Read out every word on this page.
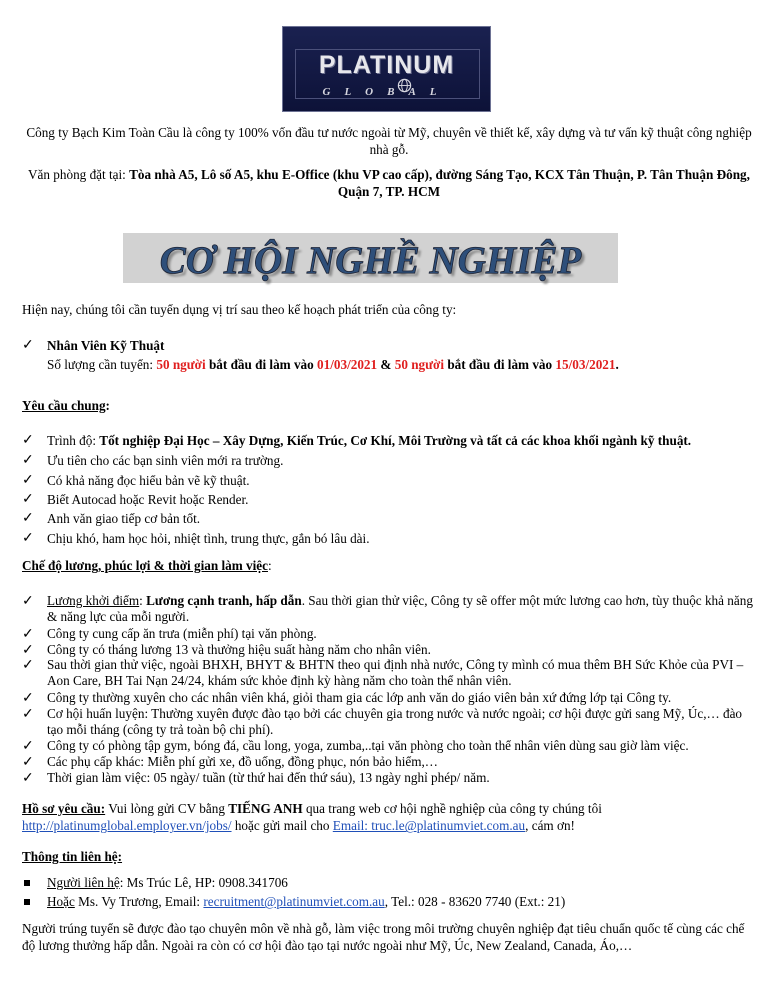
PLATINUM
GLOBAL

Công ty Bạch Kim Toàn Cầu là công ty 100% vốn đầu tư nước ngoài từ Mỹ, chuyên về thiết kế, xây dựng và tư vấn kỹ thuật công nghiệp nhà gỗ.

Văn phòng đặt tại: Tòa nhà A5, Lô số A5, khu E-Office (khu VP cao cấp), đường Sáng Tạo, KCX Tân Thuận, P. Tân Thuận Đông, Quận 7, TP. HCM

CƠ HỘI NGHỀ NGHIỆP

Hiện nay, chúng tôi cần tuyển dụng vị trí sau theo kế hoạch phát triển của công ty:

✓ Nhân Viên Kỹ Thuật

Số lượng cần tuyển: 50 người bắt đầu đi làm vào 01/03/2021 & 50 người bắt đầu đi làm vào 15/03/2021.

Yêu cầu chung:

✓ Trình độ: Tốt nghiệp Đại Học – Xây Dựng, Kiến Trúc, Cơ Khí, Môi Trường và tất cả các khoa khối ngành kỹ thuật.

✓ Ưu tiên cho các bạn sinh viên mới ra trường.

✓ Có khả năng đọc hiểu bản vẽ kỹ thuật.

✓ Biết Autocad hoặc Revit hoặc Render.

✓ Anh văn giao tiếp cơ bản tốt.

✓ Chịu khó, ham học hỏi, nhiệt tình, trung thực, gắn bó lâu dài.

Chế độ lương, phúc lợi & thời gian làm việc:

✓ Lương khởi điểm: Lương cạnh tranh, hấp dẫn. Sau thời gian thử việc, Công ty sẽ offer một mức lương cao hơn, tùy thuộc khả năng & năng lực của mỗi người.

✓ Công ty cung cấp ăn trưa (miễn phí) tại văn phòng.

✓ Công ty có tháng lương 13 và thưởng hiệu suất hàng năm cho nhân viên.

✓ Sau thời gian thử việc, ngoài BHXH, BHYT & BHTN theo qui định nhà nước, Công ty mình có mua thêm BH Sức Khỏe của PVI – Aon Care, BH Tai Nạn 24/24, khám sức khỏe định kỳ hàng năm cho toàn thể nhân viên.

✓ Công ty thường xuyên cho các nhân viên khá, giỏi tham gia các lớp anh văn do giáo viên bản xứ đứng lớp tại Công ty.

✓ Cơ hội huấn luyện: Thường xuyên được đào tạo bởi các chuyên gia trong nước và nước ngoài; cơ hội được gửi sang Mỹ, Úc,… đào tạo mỗi tháng (công ty trả toàn bộ chi phí).

✓ Công ty có phòng tập gym, bóng đá, cầu long, yoga, zumba,..tại văn phòng cho toàn thể nhân viên dùng sau giờ làm việc.

✓ Các phụ cấp khác: Miễn phí gửi xe, đồ uống, đồng phục, nón bảo hiểm,…

✓ Thời gian làm việc: 05 ngày/ tuần (từ thứ hai đến thứ sáu), 13 ngày nghỉ phép/ năm.

Hồ sơ yêu cầu: Vui lòng gửi CV bằng TIẾNG ANH qua trang web cơ hội nghề nghiệp của công ty chúng tôi
http://platinumglobal.employer.vn/jobs/ hoặc gửi mail cho Email: truc.le@platinumviet.com.au, cám ơn!

Thông tin liên hệ:

Người liên hệ: Ms Trúc Lê, HP: 0908.341706

Hoặc Ms. Vy Trương, Email: recruitment@platinumviet.com.au, Tel.: 028 - 83620 7740 (Ext.: 21)

Người trúng tuyển sẽ được đào tạo chuyên môn về nhà gỗ, làm việc trong môi trường chuyên nghiệp đạt tiêu chuẩn quốc tế cùng các chế độ lương thưởng hấp dẫn. Ngoài ra còn có cơ hội đào tạo tại nước ngoài như Mỹ, Úc, New Zealand, Canada, Áo,…
